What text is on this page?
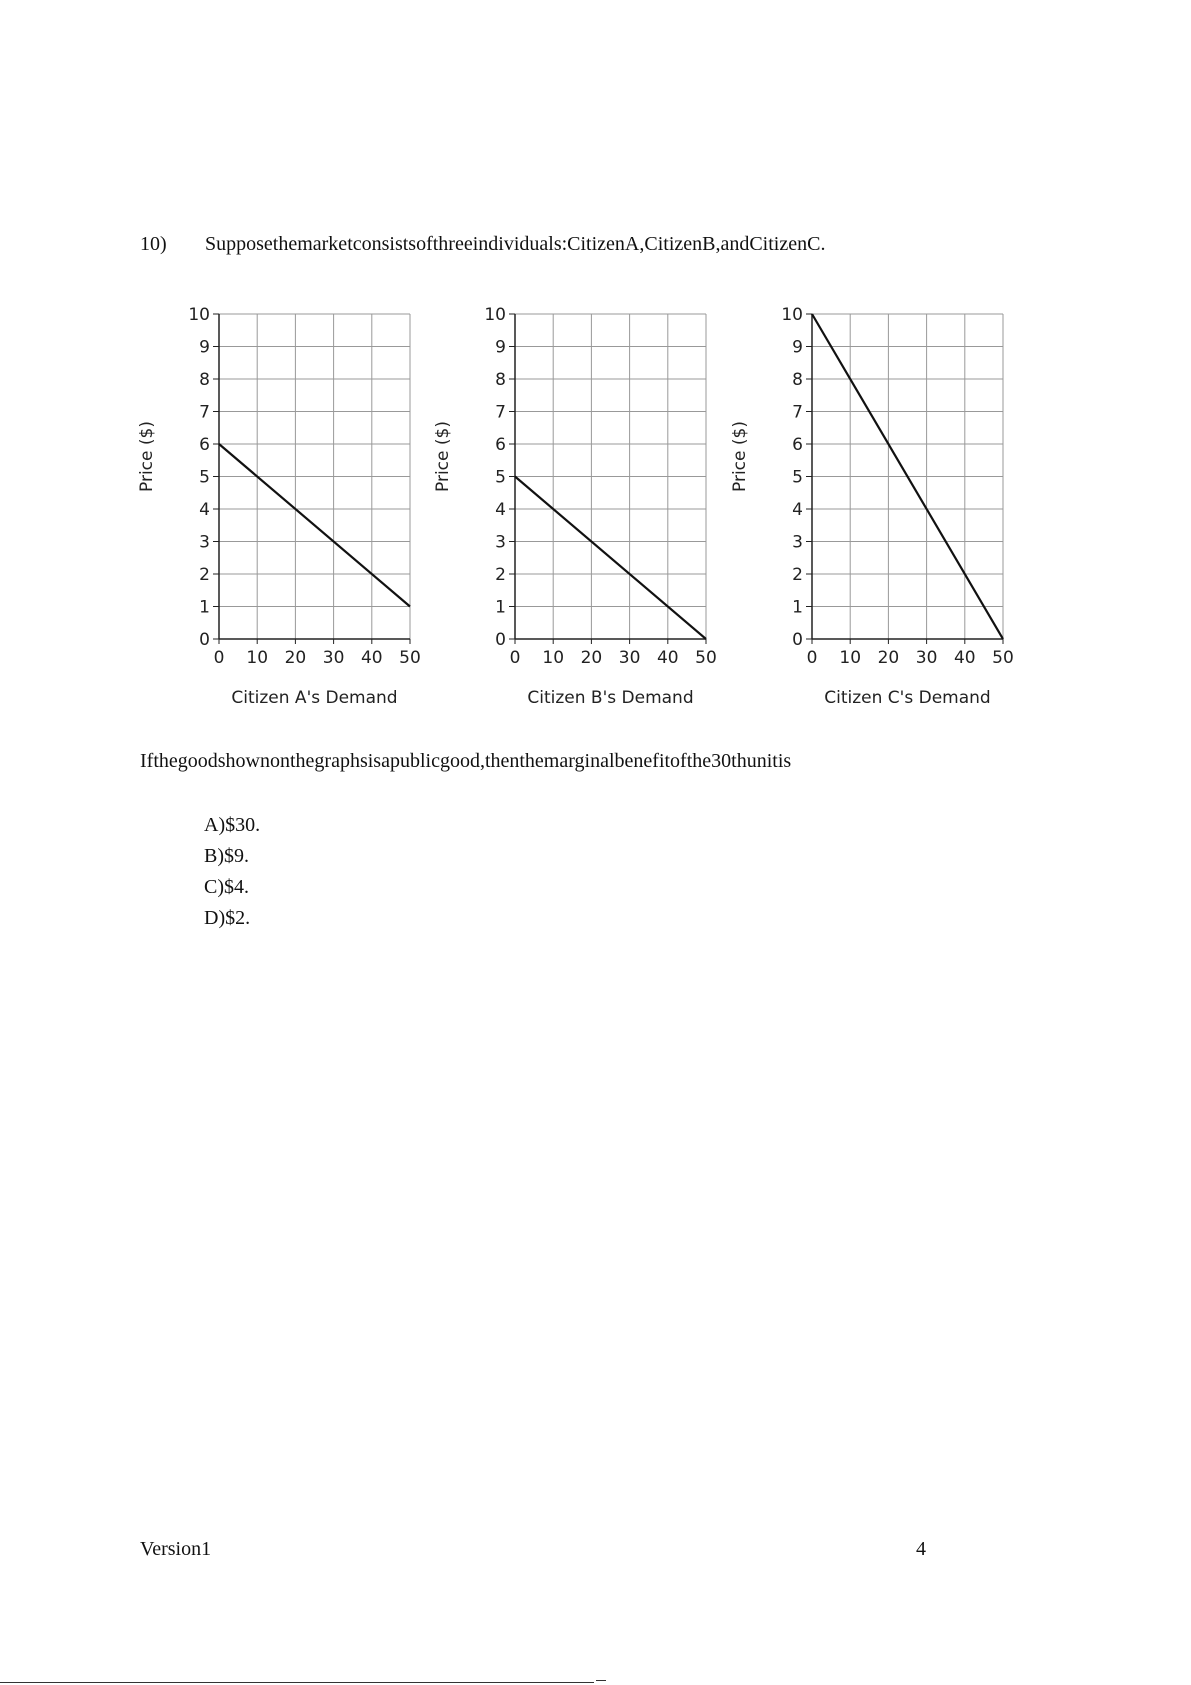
10) Supposethemarketconsistsofthreeindividuals:CitizenA,CitizenB,andCitizenC.
0
1
2
3
4
5
6
7
8
9
10
0 10 20 30 40 50
Citizen A's Demand
Price ($)
0
1
2
3
4
5
6
7
8
9
10
0 10 20 30 40 50
Citizen B's Demand
Price ($)
0
1
2
3
4
5
6
7
8
9
10
0 10 20 30 40 50
Citizen C's Demand
Price ($)
Ifthegoodshownonthegraphsisapublicgood,thenthemarginalbenefitofthe30thunitis
A)$30.
B)$9.
C)$4.
D)$2.
Version1	4
